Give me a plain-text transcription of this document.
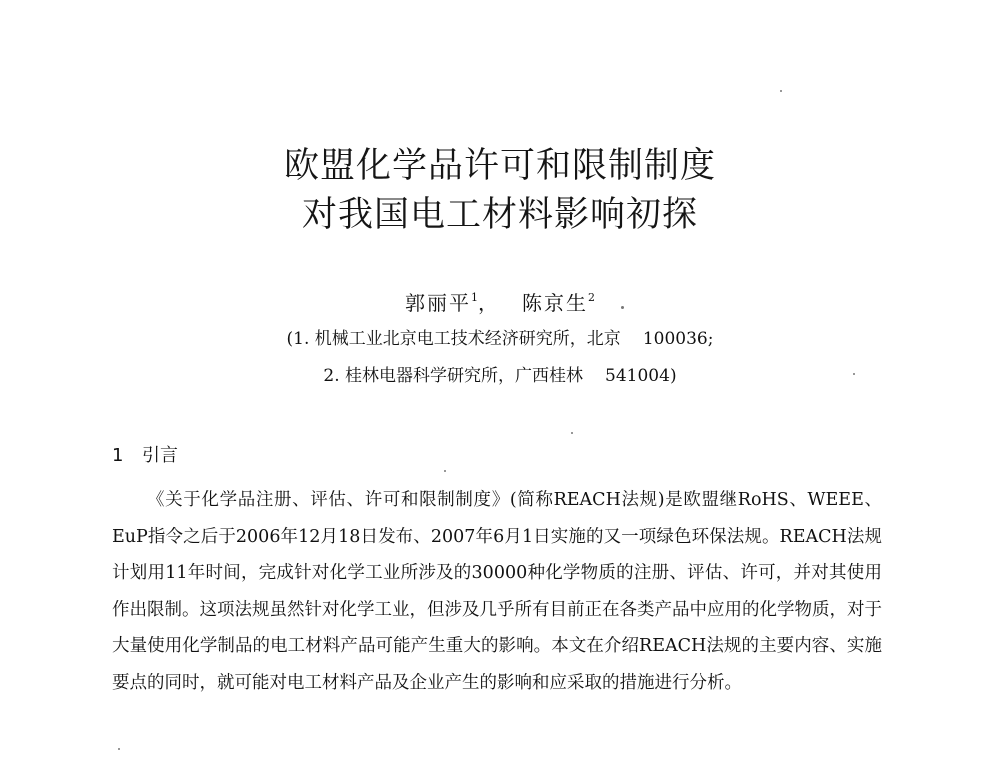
欧盟化学品许可和限制制度
对我国电工材料影响初探
郭丽平$^1$， 陈京生$^2$
(1. 机械工业北京电工技术经济研究所，北京 100036;
2. 桂林电器科学研究所，广西桂林 541004)
1 引言

《关于化学品注册、评估、许可和限制制度》(简称REACH法规)是欧盟继RoHS、WEEE、EuP指令之后于2006年12月18日发布、2007年6月1日实施的又一项绿色环保法规。REACH法规计划用11年时间，完成针对化学工业所涉及的30000种化学物质的注册、评估、许可，并对其使用作出限制。这项法规虽然针对化学工业，但涉及几乎所有目前正在各类产品中应用的化学物质，对于大量使用化学制品的电工材料产品可能产生重大的影响。本文在介绍REACH法规的主要内容、实施要点的同时，就可能对电工材料产品及企业产生的影响和应采取的措施进行分析。
